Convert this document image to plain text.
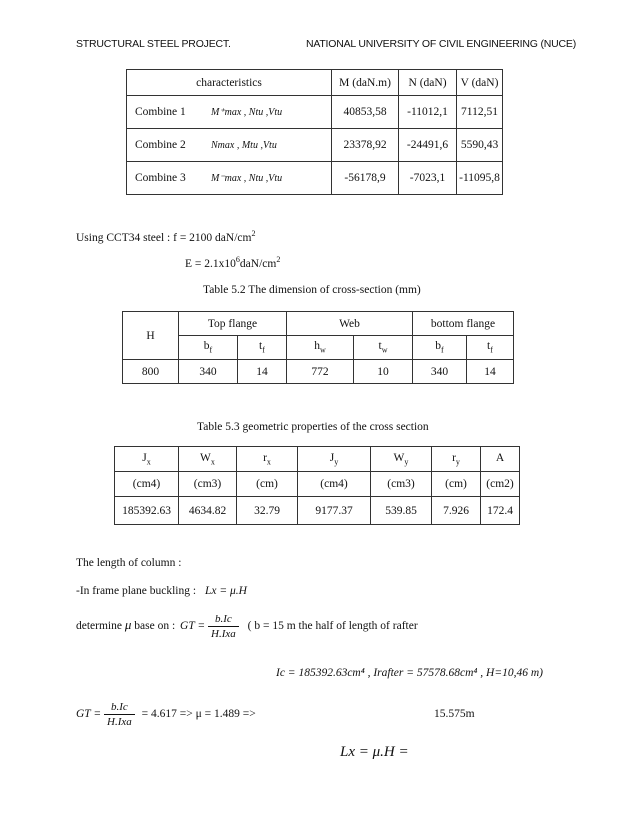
STRUCTURAL STEEL PROJECT.	NATIONAL UNIVERSITY OF CIVIL ENGINEERING (NUCE)
characteristics		M (daN.m)	N (daN)	V (daN)
Combine 1	M⁺max , Ntu ,Vtu	40853,58	-11012,1	7112,51
Combine 2	Nmax , Mtu ,Vtu	23378,92	-24491,6	5590,43
Combine 3	M⁻max , Ntu ,Vtu	-56178,9	-7023,1	-11095,8
Using CCT34 steel : f = 2100 daN/$cm^2$
$E = 2.1x10^6daN/cm^2$
Table 5.2 The dimension of cross-section (mm)
H	Top flange		Web		bottom flange	
	$b_f$	$t_f$	$h_w$	$t_w$	$b_f$	$t_f$
800	340	14	772	10	340	14
Table 5.3 geometric properties of the cross section
$J_x$	$W_x$	$r_x$	$J_y$	$W_y$	$r_y$	A
(cm4)	(cm3)	(cm)	(cm4)	(cm3)	(cm)	(cm2)
185392.63	4634.82	32.79	9177.37	539.85	7.926	172.4
The length of column :
-In frame plane buckling : Lx = μ.H
determine μ base on : GT = $\frac{b.Ic}{\text{H.Ixa}}$ ( b = 15 m the half of length of rafter
Ic = 185392.63cm⁴ , Irafter = 57578.68cm⁴ , H=10,46 m)
GT = $\frac{b.Ic}{\text{H.Ixa}} = 4.617 => \mu = 1.489$ =>	15.575m
Lx = μ.H =
